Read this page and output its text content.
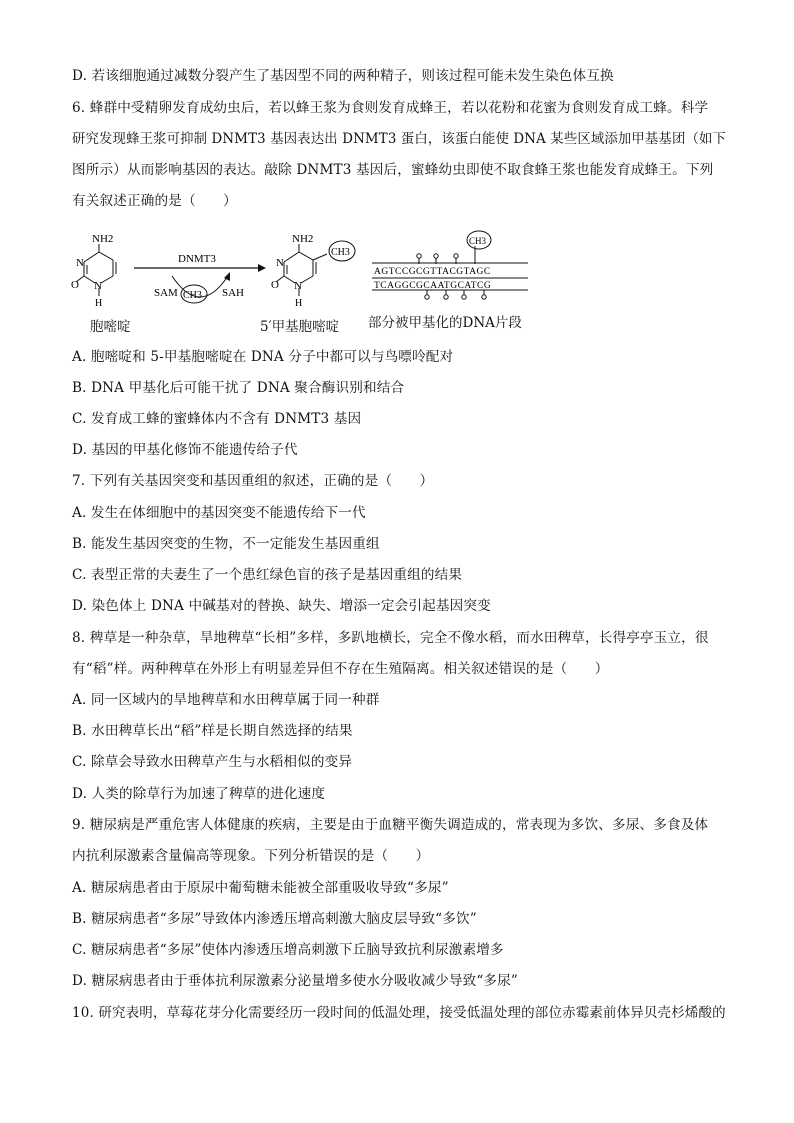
D. 若该细胞通过减数分裂产生了基因型不同的两种精子，则该过程可能未发生染色体互换
6. 蜂群中受精卵发育成幼虫后，若以蜂王浆为食则发育成蜂王，若以花粉和花蜜为食则发育成工蜂。科学
研究发现蜂王浆可抑制 DNMT3 基因表达出 DNMT3 蛋白，该蛋白能使 DNA 某些区域添加甲基基团（如下
图所示）从而影响基因的表达。敲除 DNMT3 基因后，蜜蜂幼虫即使不取食蜂王浆也能发育成蜂王。下列
有关叙述正确的是（　　）
NH2
N
N
H
O
DNMT3
SAM	SAH
CH3
NH2
N
N
H
O
CH3
AGTCCGCGTTACGTAGC
TCAGGCGCAATGCATCG
CH3
胞嘧啶	5′甲基胞嘧啶 部分被甲基化的DNA片段
A. 胞嘧啶和 5-甲基胞嘧啶在 DNA 分子中都可以与鸟嘌呤配对
B. DNA 甲基化后可能干扰了 DNA 聚合酶识别和结合
C. 发育成工蜂的蜜蜂体内不含有 DNMT3 基因
D. 基因的甲基化修饰不能遗传给子代
7. 下列有关基因突变和基因重组的叙述，正确的是（　　）
A. 发生在体细胞中的基因突变不能遗传给下一代
B. 能发生基因突变的生物，不一定能发生基因重组
C. 表型正常的夫妻生了一个患红绿色盲的孩子是基因重组的结果
D. 染色体上 DNA 中碱基对的替换、缺失、增添一定会引起基因突变
8. 稗草是一种杂草，旱地稗草“长相”多样，多趴地横长，完全不像水稻，而水田稗草，长得亭亭玉立，很
有“稻”样。两种稗草在外形上有明显差异但不存在生殖隔离。相关叙述错误的是（　　）
A. 同一区域内的旱地稗草和水田稗草属于同一种群
B. 水田稗草长出“稻”样是长期自然选择的结果
C. 除草会导致水田稗草产生与水稻相似的变异
D. 人类的除草行为加速了稗草的进化速度
9. 糖尿病是严重危害人体健康的疾病，主要是由于血糖平衡失调造成的，常表现为多饮、多尿、多食及体
内抗利尿激素含量偏高等现象。下列分析错误的是（　　）
A. 糖尿病患者由于原尿中葡萄糖未能被全部重吸收导致“多尿”
B. 糖尿病患者“多尿”导致体内渗透压增高刺激大脑皮层导致“多饮”
C. 糖尿病患者“多尿”使体内渗透压增高刺激下丘脑导致抗利尿激素增多
D. 糖尿病患者由于垂体抗利尿激素分泌量增多使水分吸收减少导致“多尿”
10. 研究表明，草莓花芽分化需要经历一段时间的低温处理，接受低温处理的部位赤霉素前体异贝壳杉烯酸的
